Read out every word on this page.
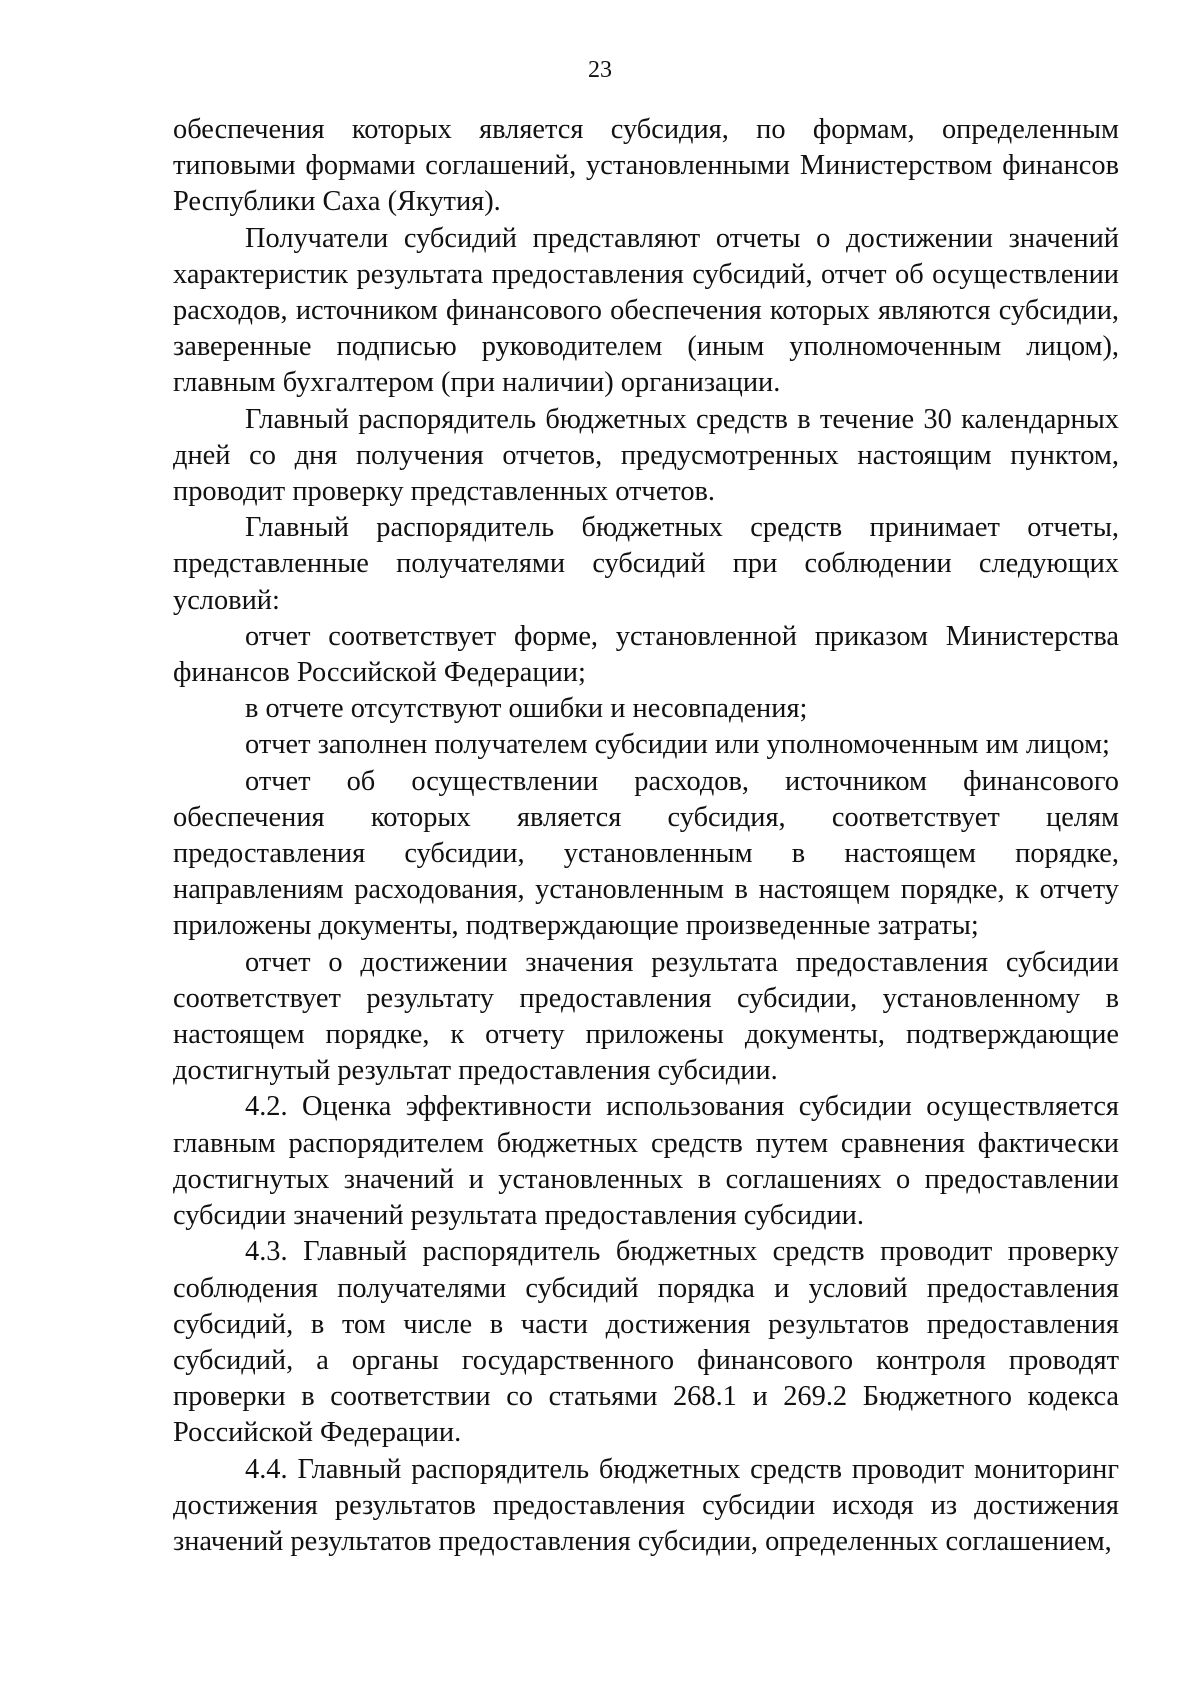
23

обеспечения которых является субсидия, по формам, определенным типовыми формами соглашений, установленными Министерством финансов Республики Саха (Якутия).

Получатели субсидий представляют отчеты о достижении значений характеристик результата предоставления субсидий, отчет об осуществлении расходов, источником финансового обеспечения которых являются субсидии, заверенные подписью руководителем (иным уполномоченным лицом), главным бухгалтером (при наличии) организации.

Главный распорядитель бюджетных средств в течение 30 календарных дней со дня получения отчетов, предусмотренных настоящим пунктом, проводит проверку представленных отчетов.

Главный распорядитель бюджетных средств принимает отчеты, представленные получателями субсидий при соблюдении следующих условий:

отчет соответствует форме, установленной приказом Министерства финансов Российской Федерации;

в отчете отсутствуют ошибки и несовпадения;

отчет заполнен получателем субсидии или уполномоченным им лицом;

отчет об осуществлении расходов, источником финансового обеспечения которых является субсидия, соответствует целям предоставления субсидии, установленным в настоящем порядке, направлениям расходования, установленным в настоящем порядке, к отчету приложены документы, подтверждающие произведенные затраты;

отчет о достижении значения результата предоставления субсидии соответствует результату предоставления субсидии, установленному в настоящем порядке, к отчету приложены документы, подтверждающие достигнутый результат предоставления субсидии.

4.2. Оценка эффективности использования субсидии осуществляется главным распорядителем бюджетных средств путем сравнения фактически достигнутых значений и установленных в соглашениях о предоставлении субсидии значений результата предоставления субсидии.

4.3. Главный распорядитель бюджетных средств проводит проверку соблюдения получателями субсидий порядка и условий предоставления субсидий, в том числе в части достижения результатов предоставления субсидий, а органы государственного финансового контроля проводят проверки в соответствии со статьями 268.1 и 269.2 Бюджетного кодекса Российской Федерации.

4.4. Главный распорядитель бюджетных средств проводит мониторинг достижения результатов предоставления субсидии исходя из достижения значений результатов предоставления субсидии, определенных соглашением,
